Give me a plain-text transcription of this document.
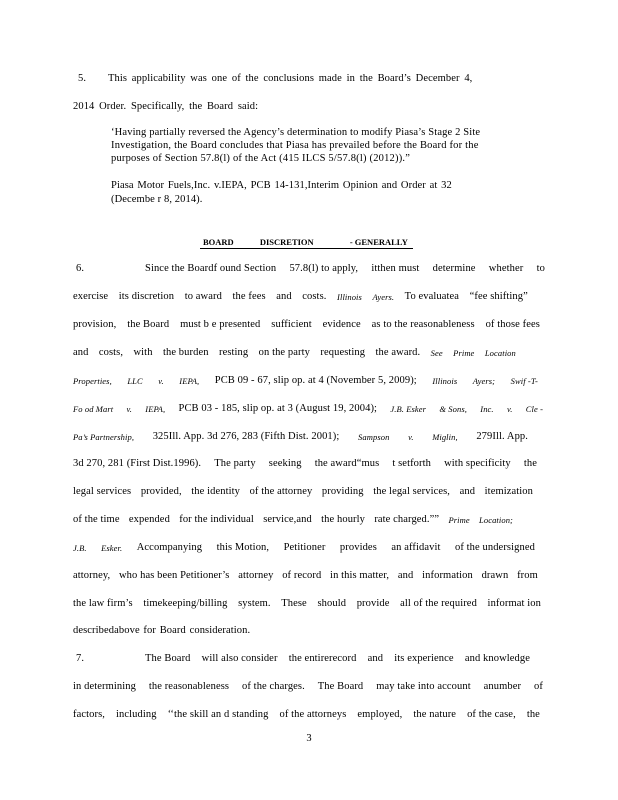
5. This applicability was one of the conclusions made in the Board’s December 4,
2014 Order. Specifically, the Board said:
‘Having partially reversed the Agency’s determination to modify Piasa’s Stage 2 Site
Investigation, the Board concludes that Piasa has prevailed before the Board for the
purposes of Section 57.8(l) of the Act (415 ILCS 5/57.8(l) (2012)).”
Piasa Motor Fuels,Inc. v.IEPA, PCB 14-131,Interim Opinion and Order at 32
(Decembe r 8, 2014).
BOARD	DISCRETION	- GENERALLY
6.	Since the Boardf ound Section 57.8(l) to apply, itthen must determine whether to
exercise its discretion to award the fees and costs. Illinois Ayers. To evaluatea “fee shifting”
provision, the Board must b e presented sufficient evidence as to the reasonableness of those fees
and costs, with the burden resting on the party requesting the award. See Prime Location
Properties, LLC v. IEPA, PCB 09 - 67, slip op. at 4 (November 5, 2009); Illinois Ayers; Swif -T-
Fo od Mart v. IEPA, PCB 03 - 185, slip op. at 3 (August 19, 2004); J.B. Esker & Sons, Inc. v. Cle -
Pa’s Partnership, 325Ill. App. 3d 276, 283 (Fifth Dist. 2001); Sampson v. Miglin, 279Ill. App.
3d 270, 281 (First Dist.1996). The party seeking the award“mus t setforth with specificity the
legal services provided, the identity of the attorney providing the legal services, and itemization
of the time expended for the individual service,and the hourly rate charged.”” Prime Location;
J.B. Esker. Accompanying this Motion, Petitioner provides an affidavit of the undersigned
attorney, who has been Petitioner’s attorney of record in this matter, and information drawn from
the law firm’s timekeeping/billing system. These should provide all of the required informat ion
describedabove for Board consideration.
7.	The Board will also consider the entirerecord and its experience and knowledge
in determining the reasonableness of the charges. The Board may take into account anumber of
factors, including ‘‘the skill an d standing of the attorneys employed, the nature of the case, the
3
